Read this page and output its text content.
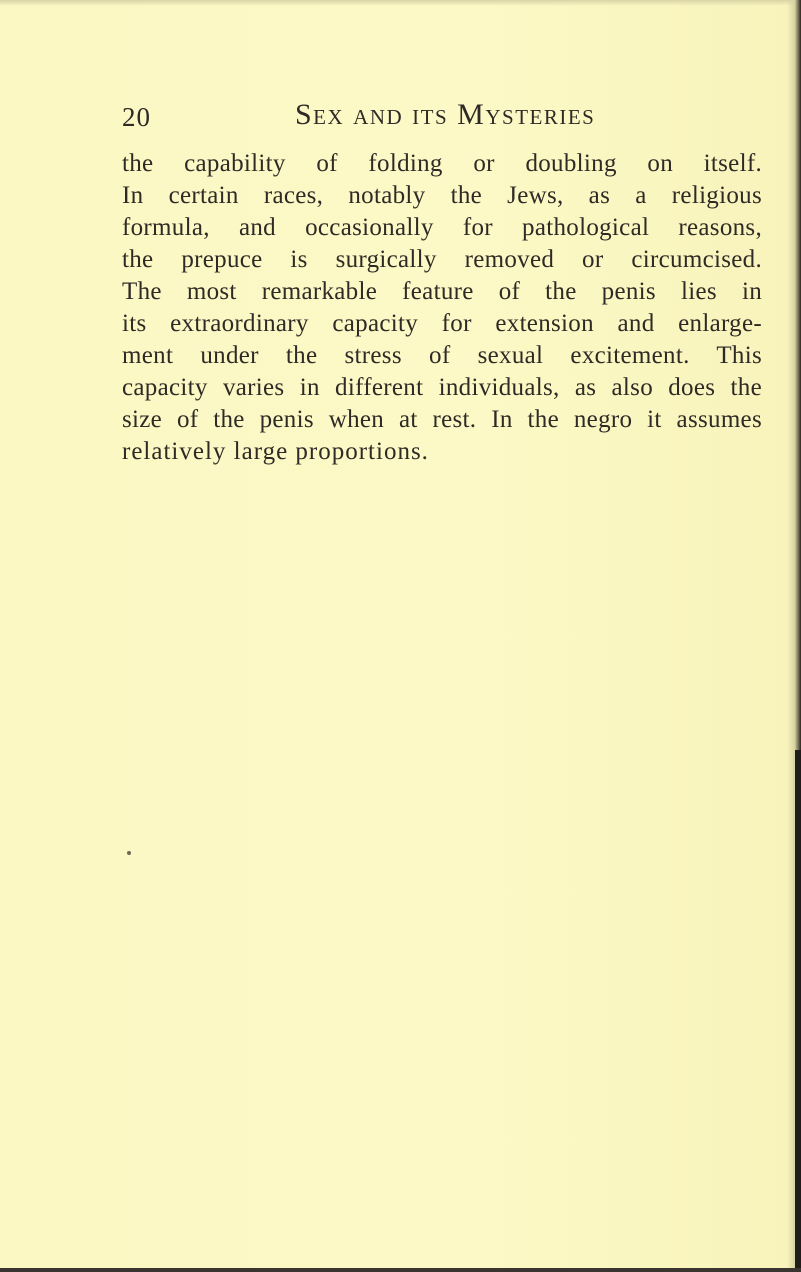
20	Sex and its Mysteries
the capability of folding or doubling on itself.
In certain races, notably the Jews, as a religious
formula, and occasionally for pathological reasons,
the prepuce is surgically removed or circumcised.
The most remarkable feature of the penis lies in
its extraordinary capacity for extension and enlarge-
ment under the stress of sexual excitement. This
capacity varies in different individuals, as also does the
size of the penis when at rest. In the negro it assumes
relatively large proportions.
